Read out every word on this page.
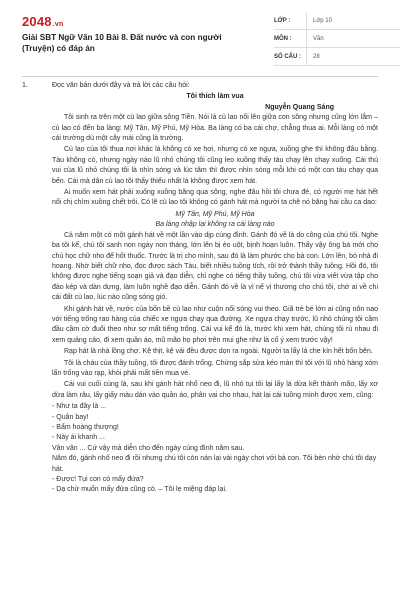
2048.vn
Giải SBT Ngữ Văn 10 Bài 8. Đất nước và con người (Truyện) có đáp án
LỚP :	Lớp 10
MÔN :	Văn
SỐ CÂU :	28
1.	Đọc văn bản dưới đây và trả lời các câu hỏi:

Tôi thích làm vua
Nguyễn Quang Sáng

Tôi sinh ra trên một cù lao giữa sông Tiền. Nói là cù lao nổi lên giữa con sông nhưng cũng lớn lắm – cù lao có đến ba làng: Mỹ Tân, Mỹ Phú, Mỹ Hòa. Ba làng có ba cái chợ, chẳng thua ai. Mỗi làng có một cái trường dù một cây mái cũng là trường.

Cù lao của tôi thua nơi khác là không có xe hơi, nhưng có xe ngựa, xuồng ghe thì không đâu bằng. Tàu không có, nhưng ngày nào lũ nhỏ chúng tôi cũng leo xuồng thấy tàu chạy lên chạy xuống. Cái thú vui của lũ nhỏ chúng tôi là nhìn sóng và lúc tâm thì được nhìn sóng mỗi khi có một con tàu chạy qua bến. Cái mà dân cù lao tôi thấy thiếu nhất là không được xem hát.

Ai muốn xem hát phải xuống xuồng băng qua sông, nghe đâu hồi tôi chưa đẻ, có người mẹ hát hết nổi chị chìm xuồng chết trôi. Có lẽ cù lao tôi không có gánh hát mà người ta chê nó băng hai cầu ca dao:

Mỹ Tân, Mỹ Phú, Mỹ Hòa

Ba làng nhập lại không ra cái làng nào

Cả năm một có một gánh hát về một lần vào dịp cúng đình. Gánh đó về là do công của chú tôi. Nghe ba tôi kể, chú tôi sanh non ngày non tháng, lớn lên bị èo uột, bịnh hoạn luôn. Thấy vậy ông bà mới cho chú học chữ nho để hốt thuốc. Trước là trị cho mình, sau đó là làm phước cho bà con. Lớn lên, bỏ nhà đi hoang. Nhờ biết chữ nho, đọc được sách Tàu, biết nhiều tuồng tích, rồi trở thành thầy tuồng. Hồi đó, tôi không được nghe tiếng soạn giả và đạo diễn, chỉ nghe có tiếng thầy tuồng, chú tôi vừa viết vừa tập cho đào kép và dàn dựng, làm luôn nghề đạo diễn. Gánh đó về là vì nể vì thương cho chú tôi, chớ ai về chi cái đất cù lao, lúc nào cũng sóng gió.

Khi gánh hát về, nước của bốn bề cù lao như cuộn nổi sóng vui theo. Giã trẻ bé lớn ai cũng nôn nao với tiếng trống rao hàng của chiếc xe ngựa chạy qua đường. Xe ngựa chạy trước, lũ nhỏ chúng tôi cầm đầu cầm cờ đuổi theo như sợ mất tiếng trống. Cái vui kể đó là, trước khi xem hát, chúng tôi rủ nhau đi xem quảng cáo, đi xem quần áo, mũ mão họ phơi trên mui ghe như là cố ý xem trước vậy!

Rạp hát là nhà lồng chợ. Kệ thịt, kệ vải đều được dọn ra ngoài. Người ta lấy lá che kín hết bốn bên.

Tôi là cháu của thầy tuồng, tôi được đánh trống. Chừng sắp sửa kéo màn thì tôi với lũ nhỏ hàng xóm lấn trống vào rạp, khỏi phải mất tiền mua vé.

Cái vui cuối cùng là, sau khi gánh hát nhổ neo đi, lũ nhỏ tụi tôi lại lấy lá dừa kết thành mão, lấy xơ dừa làm râu, lấy giấy màu dán vào quần áo, phân vai cho nhau, hát lại cái tuồng mình được xem, cũng:

- Như ta đây là ...

- Quân bay!

- Bẩm hoàng thượng!

- Này ái khanh ...

Vân vân ... Cứ vậy mà diễn cho đến ngày cúng đình năm sau.

Năm đó, gánh nhổ neo đi rồi nhưng chú tôi còn nán lại vài ngày chơi với bà con. Tôi bèn nhờ chú tôi dạy hát.

- Được! Tụi con có mấy đứa?

- Dạ chừ muốn mấy đứa cũng có. – Tôi lẹ miệng đáp lại.
